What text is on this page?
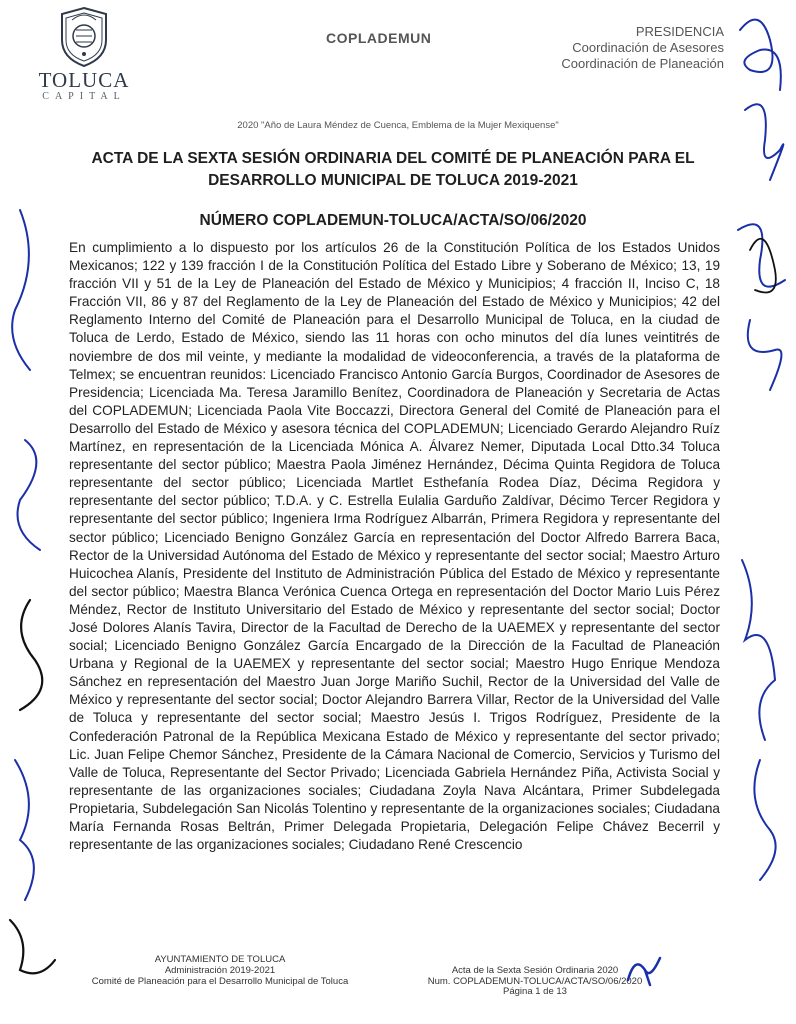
TOLUCA
CAPITAL
COPLADEMUN	PRESIDENCIA
Coordinación de Asesores
Coordinación de Planeación
2020 "Año de Laura Méndez de Cuenca, Emblema de la Mujer Mexiquense"
ACTA DE LA SEXTA SESIÓN ORDINARIA DEL COMITÉ DE PLANEACIÓN PARA EL DESARROLLO MUNICIPAL DE TOLUCA 2019-2021
NÚMERO COPLADEMUN-TOLUCA/ACTA/SO/06/2020
En cumplimiento a lo dispuesto por los artículos 26 de la Constitución Política de los Estados Unidos Mexicanos; 122 y 139 fracción I de la Constitución Política del Estado Libre y Soberano de México; 13, 19 fracción VII y 51 de la Ley de Planeación del Estado de México y Municipios; 4 fracción II, Inciso C, 18 Fracción VII, 86 y 87 del Reglamento de la Ley de Planeación del Estado de México y Municipios; 42 del Reglamento Interno del Comité de Planeación para el Desarrollo Municipal de Toluca, en la ciudad de Toluca de Lerdo, Estado de México, siendo las 11 horas con ocho minutos del día lunes veintitrés de noviembre de dos mil veinte, y mediante la modalidad de videoconferencia, a través de la plataforma de Telmex; se encuentran reunidos: Licenciado Francisco Antonio García Burgos, Coordinador de Asesores de Presidencia; Licenciada Ma. Teresa Jaramillo Benítez, Coordinadora de Planeación y Secretaria de Actas del COPLADEMUN; Licenciada Paola Vite Boccazzi, Directora General del Comité de Planeación para el Desarrollo del Estado de México y asesora técnica del COPLADEMUN; Licenciado Gerardo Alejandro Ruíz Martínez, en representación de la Licenciada Mónica A. Álvarez Nemer, Diputada Local Dtto.34 Toluca representante del sector público; Maestra Paola Jiménez Hernández, Décima Quinta Regidora de Toluca representante del sector público; Licenciada Martlet Esthefanía Rodea Díaz, Décima Regidora y representante del sector público; T.D.A. y C. Estrella Eulalia Garduño Zaldívar, Décimo Tercer Regidora y representante del sector público; Ingeniera Irma Rodríguez Albarrán, Primera Regidora y representante del sector público; Licenciado Benigno González García en representación del Doctor Alfredo Barrera Baca, Rector de la Universidad Autónoma del Estado de México y representante del sector social; Maestro Arturo Huicochea Alanís, Presidente del Instituto de Administración Pública del Estado de México y representante del sector público; Maestra Blanca Verónica Cuenca Ortega en representación del Doctor Mario Luis Pérez Méndez, Rector de Instituto Universitario del Estado de México y representante del sector social; Doctor José Dolores Alanís Tavira, Director de la Facultad de Derecho de la UAEMEX y representante del sector social; Licenciado Benigno González García Encargado de la Dirección de la Facultad de Planeación Urbana y Regional de la UAEMEX y representante del sector social; Maestro Hugo Enrique Mendoza Sánchez en representación del Maestro Juan Jorge Mariño Suchil, Rector de la Universidad del Valle de México y representante del sector social; Doctor Alejandro Barrera Villar, Rector de la Universidad del Valle de Toluca y representante del sector social; Maestro Jesús I. Trigos Rodríguez, Presidente de la Confederación Patronal de la República Mexicana Estado de México y representante del sector privado; Lic. Juan Felipe Chemor Sánchez, Presidente de la Cámara Nacional de Comercio, Servicios y Turismo del Valle de Toluca, Representante del Sector Privado; Licenciada Gabriela Hernández Piña, Activista Social y representante de las organizaciones sociales; Ciudadana Zoyla Nava Alcántara, Primer Subdelegada Propietaria, Subdelegación San Nicolás Tolentino y representante de la organizaciones sociales; Ciudadana María Fernanda Rosas Beltrán, Primer Delegada Propietaria, Delegación Felipe Chávez Becerril y representante de las organizaciones sociales; Ciudadano René Crescencio
AYUNTAMIENTO DE TOLUCA
Administración 2019-2021
Comité de Planeación para el Desarrollo Municipal de Toluca
Acta de la Sexta Sesión Ordinaria 2020
Num. COPLADEMUN-TOLUCA/ACTA/SO/06/2020
Página 1 de 13
